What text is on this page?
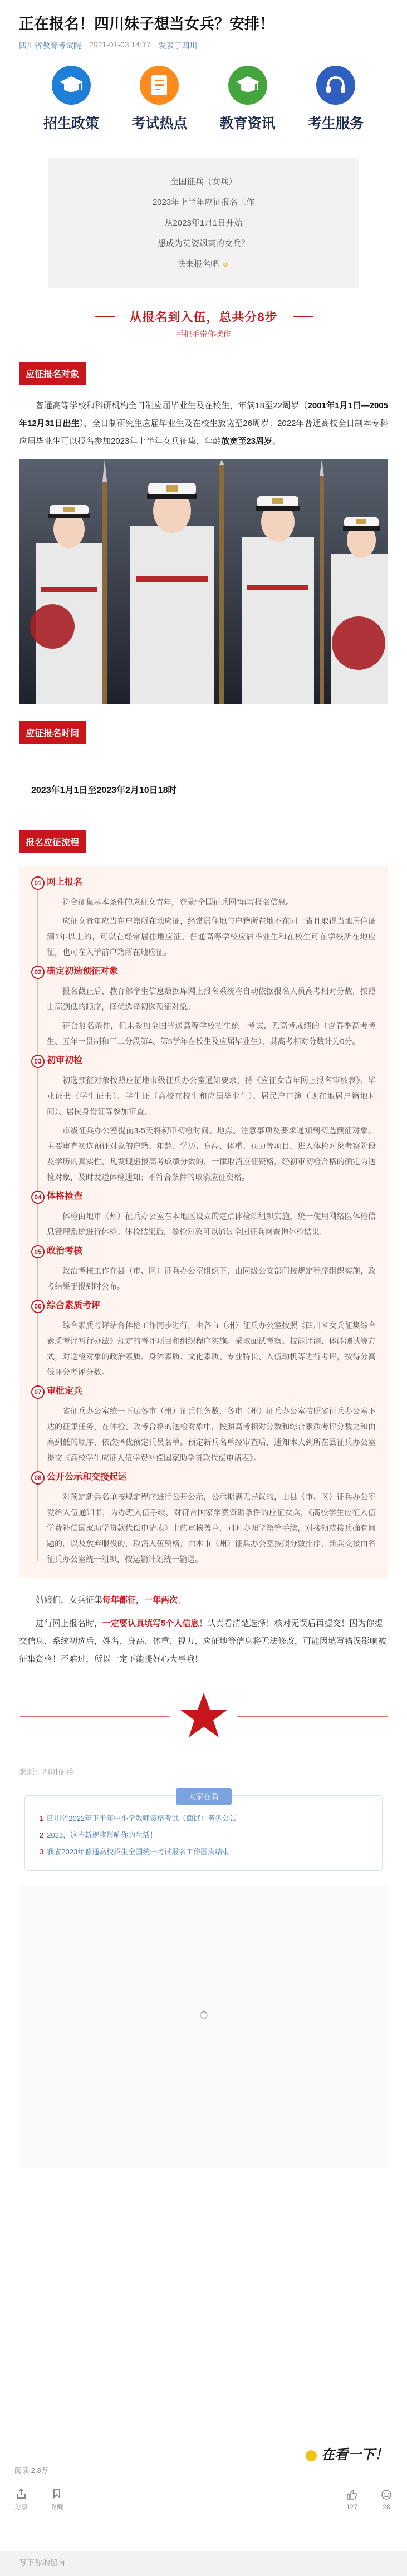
正在报名！四川妹子想当女兵？安排！
四川省教育考试院 2021-01-03 14:17 发表于四川
招生政策 考试热点 教育资讯 考生服务
全国征兵（女兵）
2023年上半年应征报名工作
从2023年1月1日开始
想成为英姿飒爽的女兵？
快来报名吧 ☺
从报名到入伍，总共分8步
手把手带你操作
应征报名对象
普通高等学校和科研机构全日制应届毕业生及在校生，年满18至22周岁（2001年1月1日—2005年12月31日出生），全日制研究生应届毕业生及在校生放宽至26周岁；2022年普通高校全日制本专科应届毕业生可以报名参加2023年上半年女兵征集，年龄放宽至23周岁。
应征报名时间
2023年1月1日至2023年2月10日18时
报名应征流程
01 网上报名
符合征集基本条件的应征女青年，登录“全国征兵网”填写报名信息。
应征女青年应当在户籍所在地应征，经常居住地与户籍所在地不在同一省且取得当地居住证满1年以上的，可以在经常居住地应征。普通高等学校应届毕业生和在校生可在学校所在地应征，也可在入学前户籍所在地应征。
02 确定初选预征对象
报名截止后，教育部学生信息数据库网上报名系统将自动依据报名人员高考相对分数，按照由高到低的顺序，择优选择初选预征对象。
符合报名条件，但未参加全国普通高等学校招生统一考试、无高考成绩的（含春季高考考生、五年一贯制和三二分段第4、第5学年在校生及应届毕业生），其高考相对分数计为0分。
03 初审初检
初选预征对象按照应征地市级征兵办公室通知要求，持《应征女青年网上报名审核表》、毕业证书（学生证书）、学生证（高校在校生和应届毕业生）、居民户口簿（现在地居户籍地时间）、居民身份证等参加审查。
市级征兵办公室提前3-5天将初审初检时间、地点、注意事项及要求通知到初选预征对象。主要审查初选预征对象的户籍、年龄、学历、身高、体重、视力等项目，进入体检对象考察阶段及学历的真实性，凡发现虚报高考成绩分数的，一律取消应征资格，经初审初检合格的确定为送检对象，及时发送体检通知；不符合条件的取消应征资格。
04 体格检查
体检由地市（州）征兵办公室在本地区设立的定点体检站组织实施，统一使用网络医体检信息管理系统进行体检。体检结果后，参检对象可以通过全国征兵网查询体检结果。
05 政治考核
政治考核工作在县（市、区）征兵办公室组织下，由同级公安部门按规定程序组织实施，政考结果于报到时公布。
06 综合素质考评
综合素质考评结合体检工作同步进行，由各市（州）征兵办公室按照《四川省女兵征集综合素质考评暂行办法》规定的考评项目和组织程序实施。采取面试考察、技能评测、体能测试等方式，对送检对象的政治素质、身体素质、文化素质、专业特长、入伍动机等进行考评，按得分高低评分考评分数。
07 审批定兵
省征兵办公室统一下达各市（州）征兵任务数，各市（州）征兵办公室按照省征兵办公室下达的征集任务，在体检、政考合格的送检对象中，按照高考相对分数和综合素质考评分数之和由高到低的顺序，依次择优预定兵员名单。预定新兵名单经审查后，通知本人到所在县征兵办公室提交《高校学生应征入伍学费补偿国家助学贷款代偿申请表》。
08 公开公示和交接起运
对预定新兵名单按规定程序进行公开公示，公示期满无异议的，由县（市、区）征兵办公室发给入伍通知书，为办理入伍手续，对符合国家学费资助条件的应征女兵，《高校学生应征入伍学费补偿国家助学贷款代偿申请表》上的审核盖章，同时办理学籍等手续，对接领或接兵确有问题的，以及放弃服役的，取消入伍资格，由本市（州）征兵办公室按照分数排序，新兵交接由省征兵办公室统一组织，按运输计划统一输送。
姑娘们，女兵征集每年都征，一年两次。
进行网上报名时，一定要认真填写5个人信息！认真看清楚选择！核对无误后再提交！因为你提交信息、系统初选后，姓名、身高、体重、视力、应征地等信息将无法修改，可能因填写错误影响被征集资格！不难过，所以一定下能提好心大事哦！
来源：四川征兵
大家在看
1 四川省2022年下半年中小学教师资格考试（面试）考务公告
2 2023，这些新规将影响你的生活！
3 我省2023年普通高校招生全国统一考试报名工作圆满结束
在看一下！
阅读 2.8万
分享	收藏	127	28
写下你的留言
